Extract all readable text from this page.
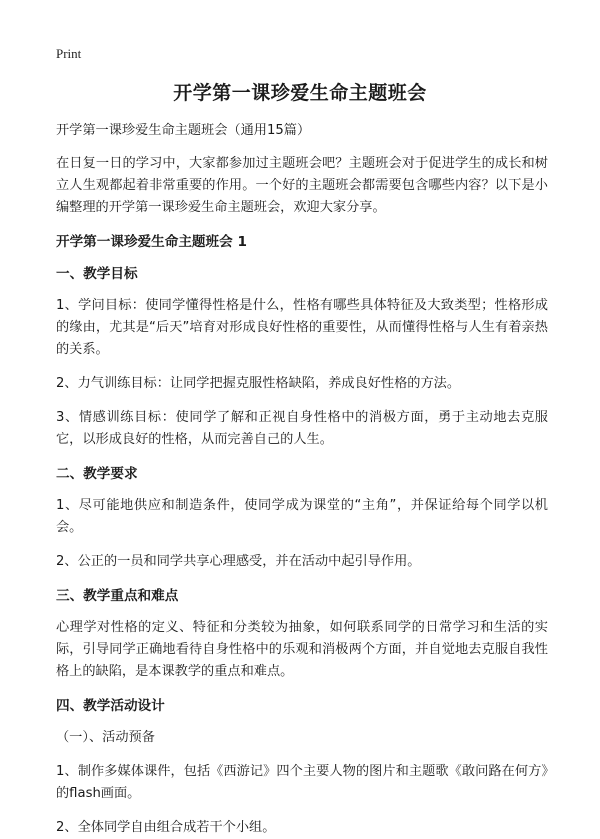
Print
开学第一课珍爱生命主题班会

开学第一课珍爱生命主题班会（通用15篇）

在日复一日的学习中，大家都参加过主题班会吧？主题班会对于促进学生的成长和树立人生观都起着非常重要的作用。一个好的主题班会都需要包含哪些内容？以下是小编整理的开学第一课珍爱生命主题班会，欢迎大家分享。

开学第一课珍爱生命主题班会 1

一、教学目标

1、学问目标：使同学懂得性格是什么，性格有哪些具体特征及大致类型；性格形成的缘由，尤其是“后天”培育对形成良好性格的重要性，从而懂得性格与人生有着亲热的关系。

2、力气训练目标：让同学把握克服性格缺陷，养成良好性格的方法。

3、情感训练目标：使同学了解和正视自身性格中的消极方面，勇于主动地去克服它，以形成良好的性格，从而完善自己的人生。

二、教学要求

1、尽可能地供应和制造条件，使同学成为课堂的“主角”，并保证给每个同学以机会。

2、公正的一员和同学共享心理感受，并在活动中起引导作用。

三、教学重点和难点

心理学对性格的定义、特征和分类较为抽象，如何联系同学的日常学习和生活的实际，引导同学正确地看待自身性格中的乐观和消极两个方面，并自觉地去克服自我性格上的缺陷，是本课教学的重点和难点。

四、教学活动设计

（一）、活动预备

1、制作多媒体课件，包括《西游记》四个主要人物的图片和主题歌《敢问路在何方》的flash画面。

2、全体同学自由组合成若干个小组。
